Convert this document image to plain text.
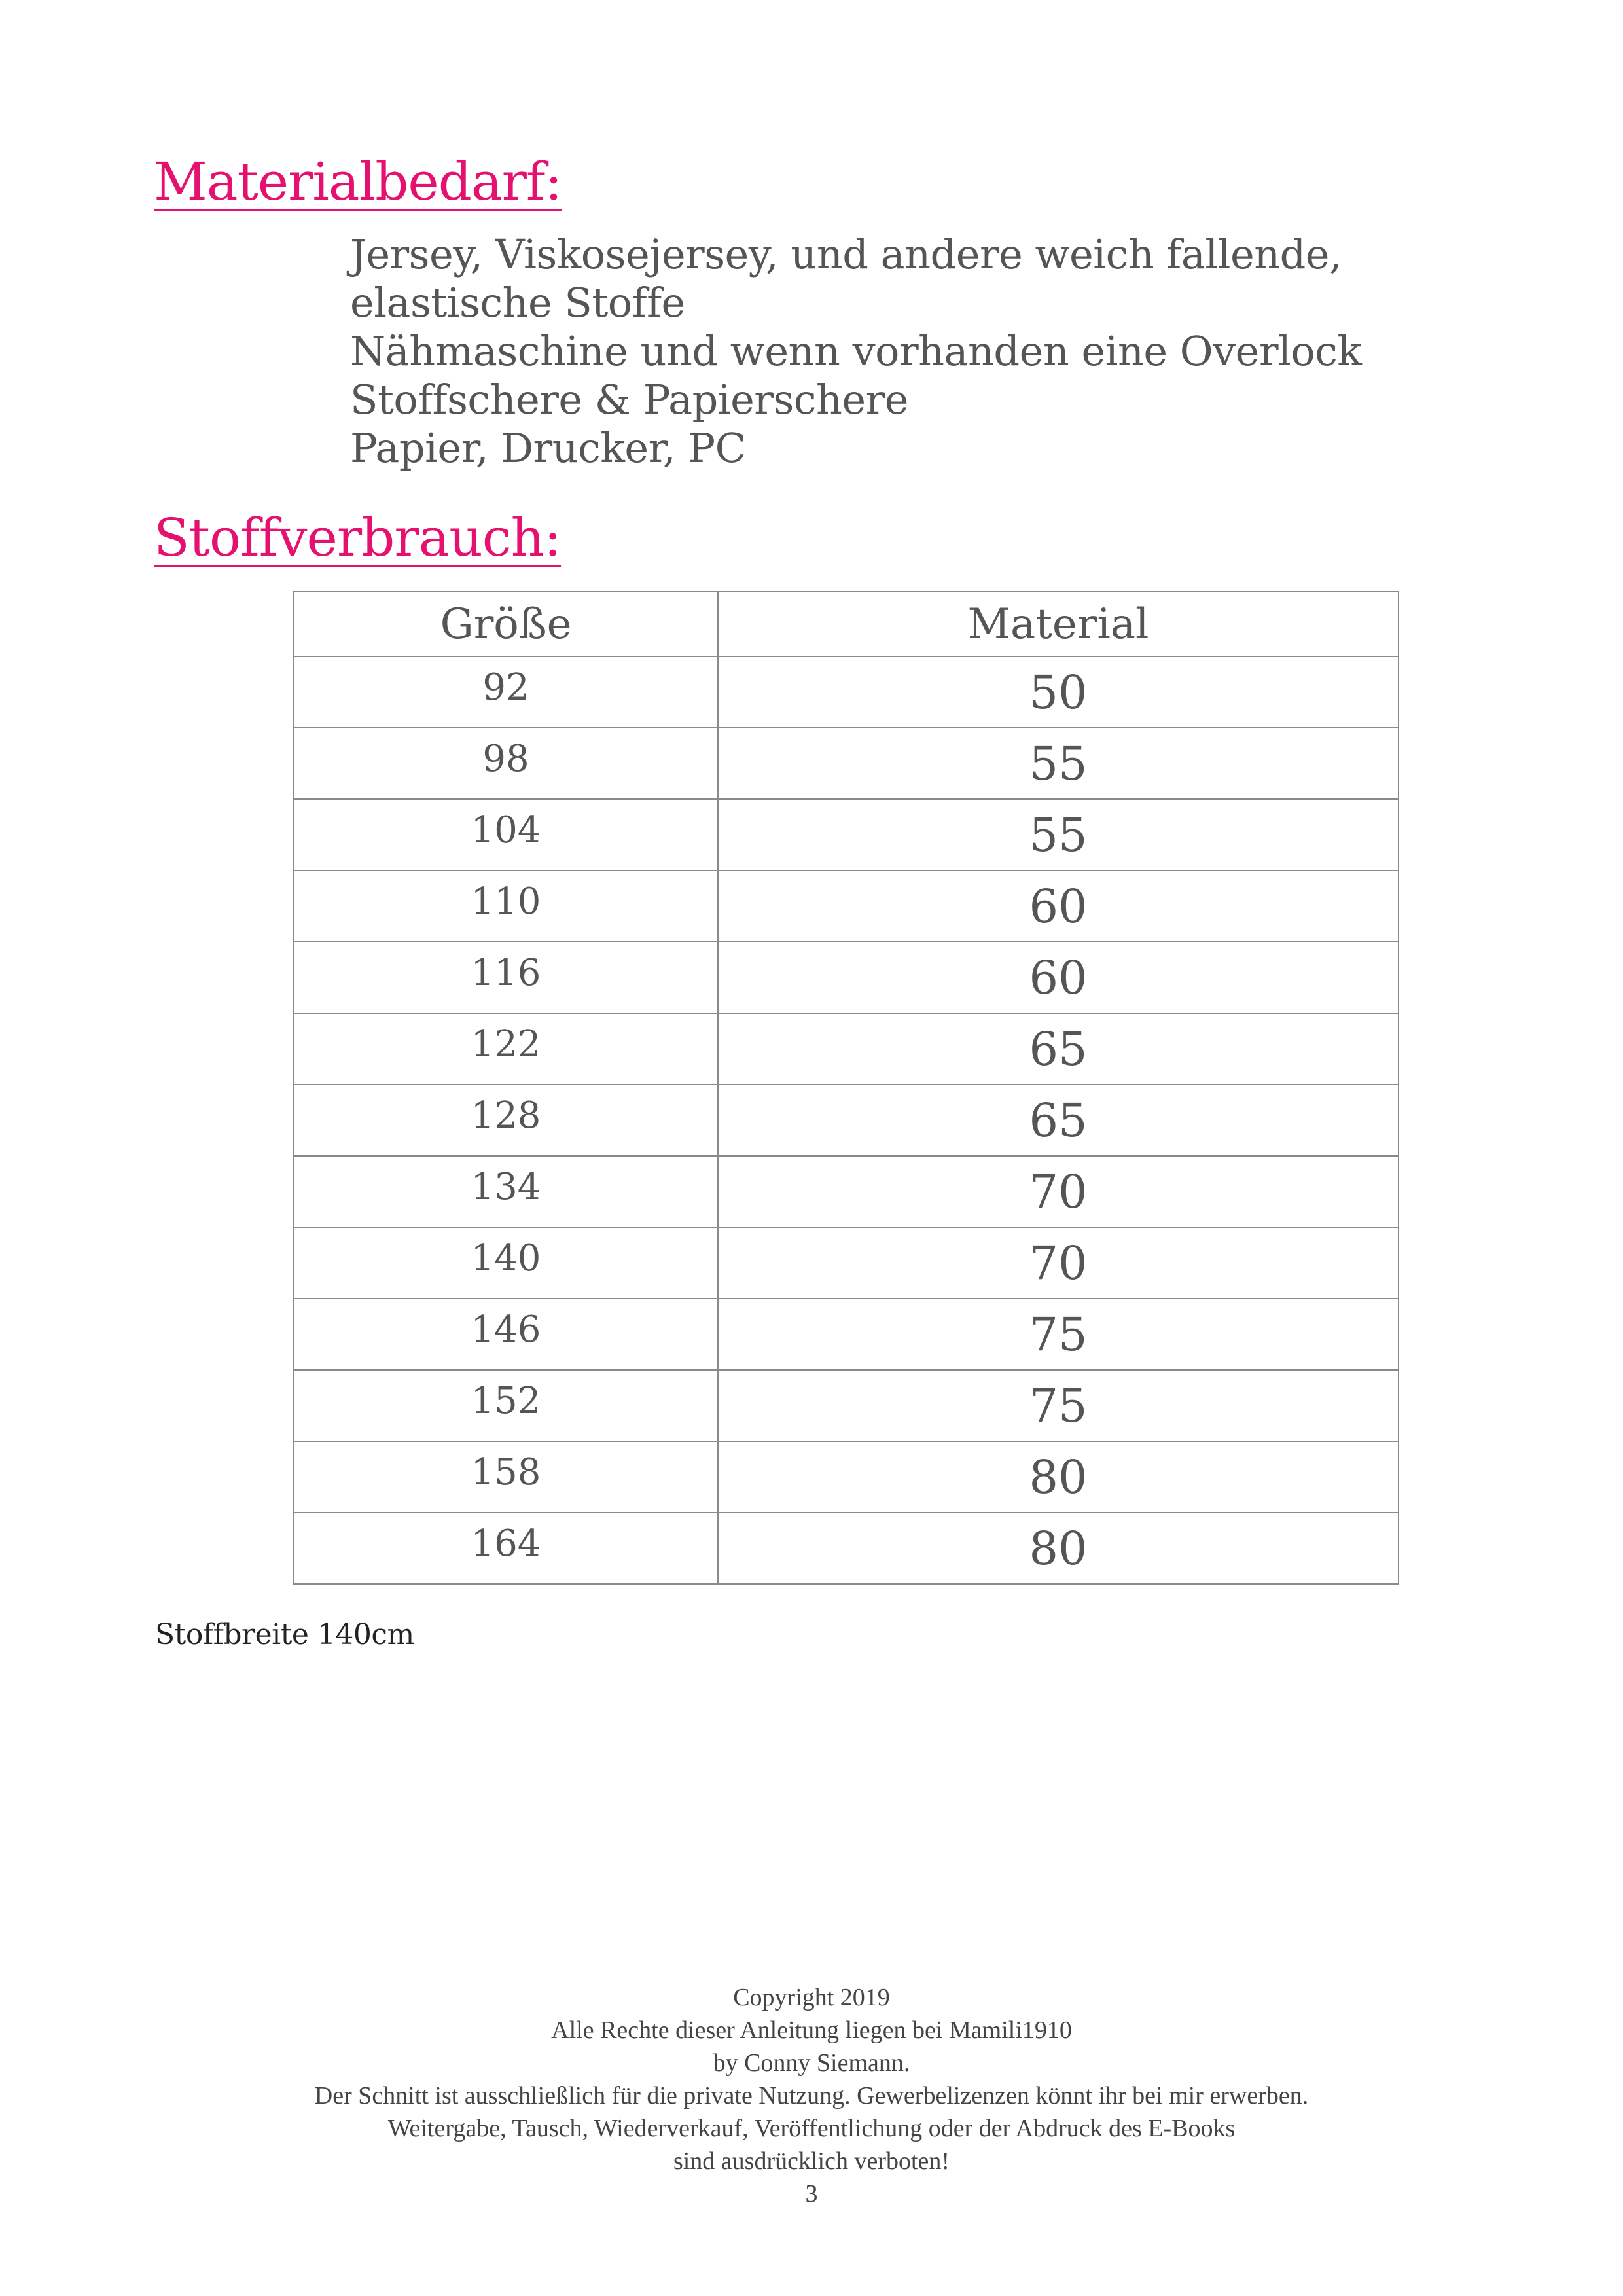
Materialbedarf:
Jersey, Viskosejersey, und andere weich fallende,
elastische Stoffe
Nähmaschine und wenn vorhanden eine Overlock
Stoffschere & Papierschere
Papier, Drucker, PC
Stoffverbrauch:
Größe	Material
92	50
98	55
104	55
110	60
116	60
122	65
128	65
134	70
140	70
146	75
152	75
158	80
164	80
Stoffbreite 140cm
Copyright 2019
Alle Rechte dieser Anleitung liegen bei Mamili1910
by Conny Siemann.
Der Schnitt ist ausschließlich für die private Nutzung. Gewerbelizenzen könnt ihr bei mir erwerben.
Weitergabe, Tausch, Wiederverkauf, Veröffentlichung oder der Abdruck des E-Books
sind ausdrücklich verboten!
3
